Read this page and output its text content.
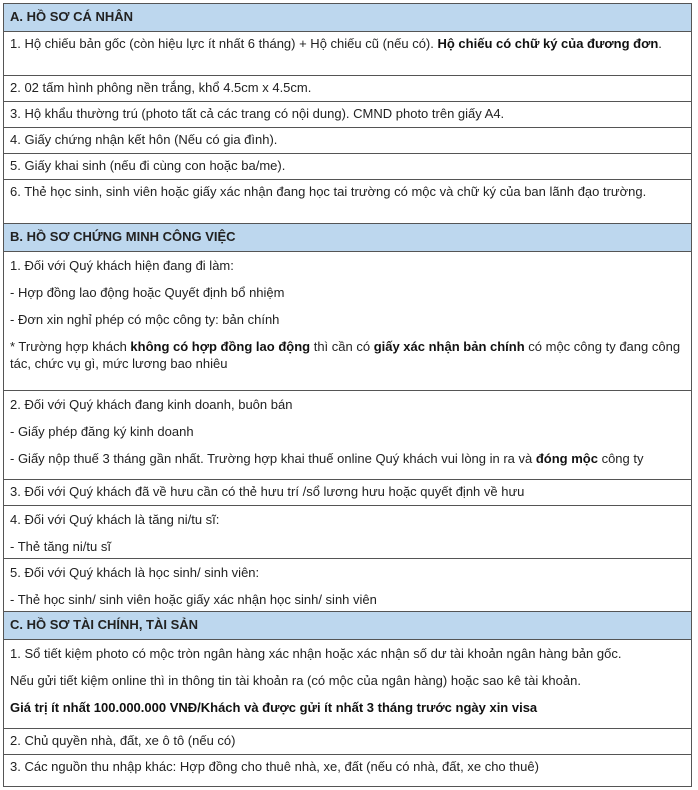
A. HỒ SƠ CÁ NHÂN
1. Hộ chiếu bản gốc (còn hiệu lực ít nhất 6 tháng) + Hộ chiếu cũ (nếu có). Hộ chiếu có chữ ký của đương đơn.
2. 02 tấm hình phông nền trắng, khổ 4.5cm x 4.5cm.
3. Hộ khẩu thường trú (photo tất cả các trang có nội dung). CMND photo trên giấy A4.
4. Giấy chứng nhận kết hôn (Nếu có gia đình).
5. Giấy khai sinh (nếu đi cùng con hoặc ba/me).
6. Thẻ học sinh, sinh viên hoặc giấy xác nhận đang học tai trường có mộc và chữ ký của ban lãnh đạo trường.
B. HỒ SƠ CHỨNG MINH CÔNG VIỆC

1. Đối với Quý khách hiện đang đi làm:
- Hợp đồng lao động hoặc Quyết định bổ nhiệm
- Đơn xin nghỉ phép có mộc công ty: bản chính
* Trường hợp khách không có hợp đồng lao động thì cần có giấy xác nhận bản chính có mộc công ty đang công tác, chức vụ gì, mức lương bao nhiêu

2. Đối với Quý khách đang kinh doanh, buôn bán
- Giấy phép đăng ký kinh doanh
- Giấy nộp thuế 3 tháng gần nhất. Trường hợp khai thuế online Quý khách vui lòng in ra và đóng mộc công ty

3. Đối với Quý khách đã về hưu cần có thẻ hưu trí /sổ lương hưu hoặc quyết định về hưu

4. Đối với Quý khách là tăng ni/tu sĩ:
- Thẻ tăng ni/tu sĩ

5. Đối với Quý khách là học sinh/ sinh viên:
- Thẻ học sinh/ sinh viên hoặc giấy xác nhận học sinh/ sinh viên

C. HỒ SƠ TÀI CHÍNH, TÀI SẢN

1. Sổ tiết kiệm photo có mộc tròn ngân hàng xác nhận hoặc xác nhận số dư tài khoản ngân hàng bản gốc.
Nếu gửi tiết kiệm online thì in thông tin tài khoản ra (có mộc của ngân hàng) hoặc sao kê tài khoản.
Giá trị ít nhất 100.000.000 VNĐ/Khách và được gửi ít nhất 3 tháng trước ngày xin visa

2. Chủ quyền nhà, đất, xe ô tô (nếu có)
3. Các nguồn thu nhập khác: Hợp đồng cho thuê nhà, xe, đất (nếu có nhà, đất, xe cho thuê)
